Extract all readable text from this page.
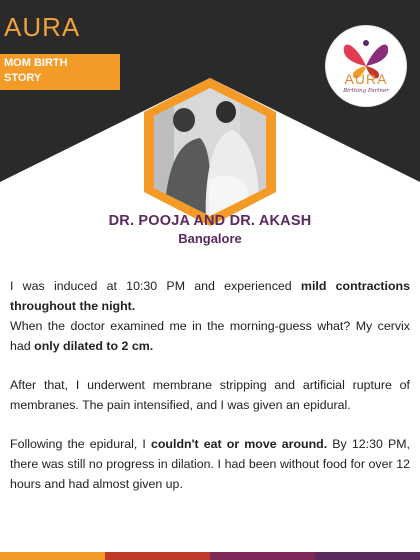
AURA
MOM BIRTH
STORY	AURA
Birthing Partner
DR. POOJA AND DR. AKASH
Bangalore

I was induced at 10:30 PM and experienced mild contractions throughout the night.

When the doctor examined me in the morning-guess what? My cervix had only dilated to 2 cm.

After that, I underwent membrane stripping and artificial rupture of membranes. The pain intensified, and I was given an epidural.

Following the epidural, I couldn't eat or move around. By 12:30 PM, there was still no progress in dilation. I had been without food for over 12 hours and had almost given up.
